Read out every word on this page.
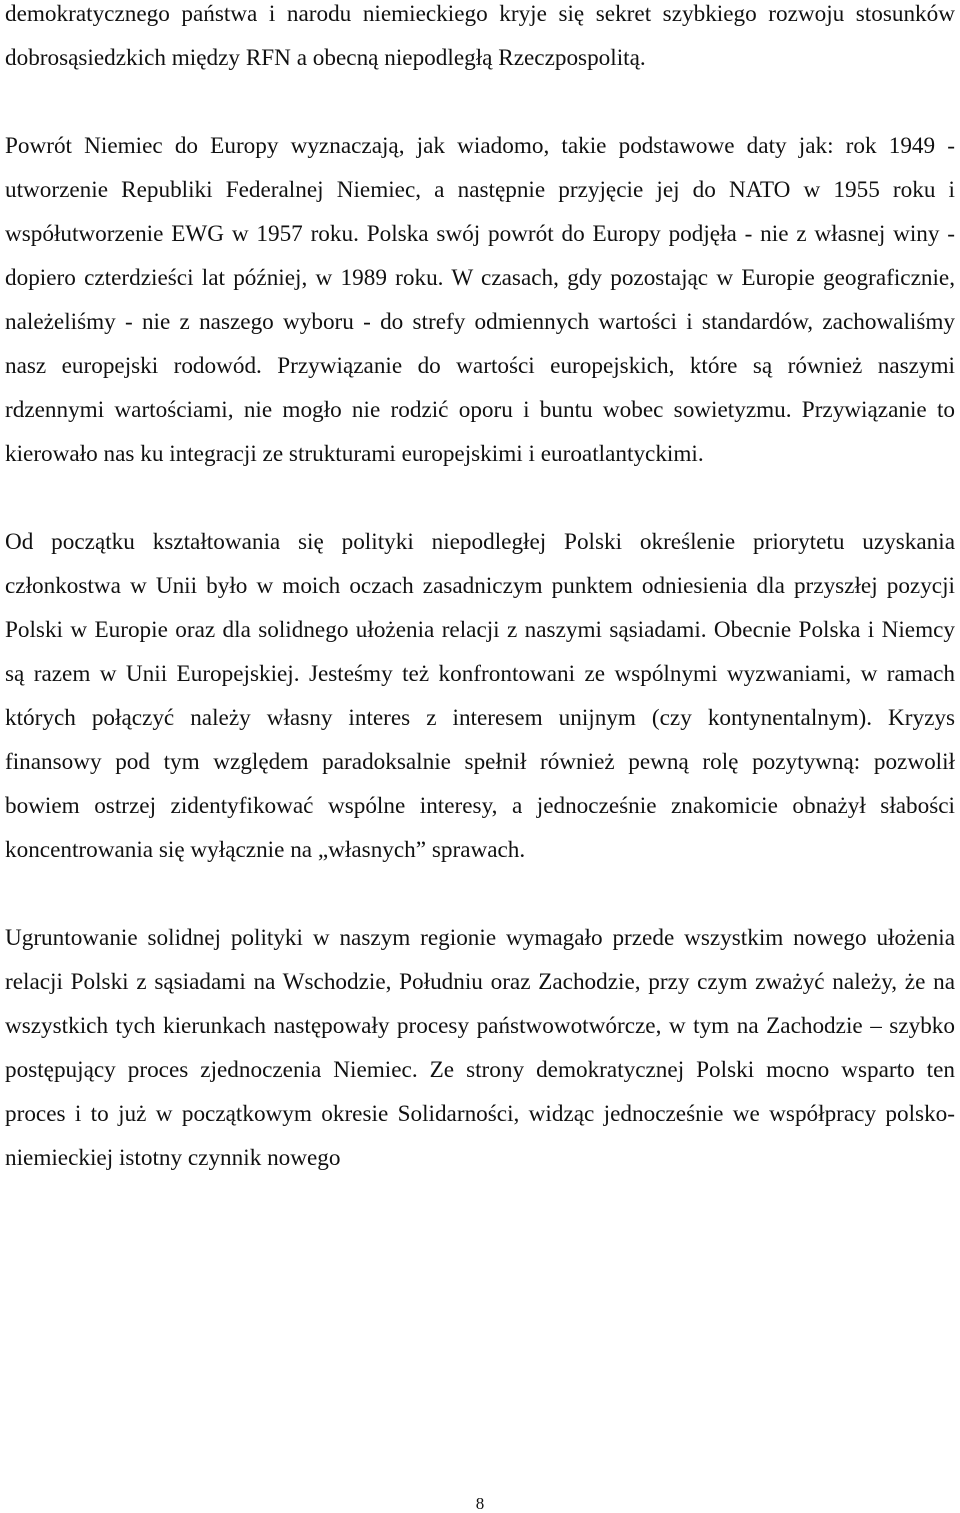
demokratycznego państwa i narodu niemieckiego kryje się sekret szybkiego rozwoju stosunków dobrosąsiedzkich między RFN a obecną niepodległą Rzeczpospolitą.

Powrót Niemiec do Europy wyznaczają, jak wiadomo, takie podstawowe daty jak: rok 1949 - utworzenie Republiki Federalnej Niemiec, a następnie przyjęcie jej do NATO w 1955 roku i współutworzenie EWG w 1957 roku. Polska swój powrót do Europy podjęła - nie z własnej winy - dopiero czterdzieści lat później, w 1989 roku. W czasach, gdy pozostając w Europie geograficznie, należeliśmy - nie z naszego wyboru - do strefy odmiennych wartości i standardów, zachowaliśmy nasz europejski rodowód. Przywiązanie do wartości europejskich, które są również naszymi rdzennymi wartościami, nie mogło nie rodzić oporu i buntu wobec sowietyzmu. Przywiązanie to kierowało nas ku integracji ze strukturami europejskimi i euroatlantyckimi.

Od początku kształtowania się polityki niepodległej Polski określenie priorytetu uzyskania członkostwa w Unii było w moich oczach zasadniczym punktem odniesienia dla przyszłej pozycji Polski w Europie oraz dla solidnego ułożenia relacji z naszymi sąsiadami. Obecnie Polska i Niemcy są razem w Unii Europejskiej. Jesteśmy też konfrontowani ze wspólnymi wyzwaniami, w ramach których połączyć należy własny interes z interesem unijnym (czy kontynentalnym). Kryzys finansowy pod tym względem paradoksalnie spełnił również pewną rolę pozytywną: pozwolił bowiem ostrzej zidentyfikować wspólne interesy, a jednocześnie znakomicie obnażył słabości koncentrowania się wyłącznie na „własnych” sprawach.

Ugruntowanie solidnej polityki w naszym regionie wymagało przede wszystkim nowego ułożenia relacji Polski z sąsiadami na Wschodzie, Południu oraz Zachodzie, przy czym zważyć należy, że na wszystkich tych kierunkach następowały procesy państwowotwórcze, w tym na Zachodzie – szybko postępujący proces zjednoczenia Niemiec. Ze strony demokratycznej Polski mocno wsparto ten proces i to już w początkowym okresie Solidarności, widząc jednocześnie we współpracy polsko-niemieckiej istotny czynnik nowego

8
